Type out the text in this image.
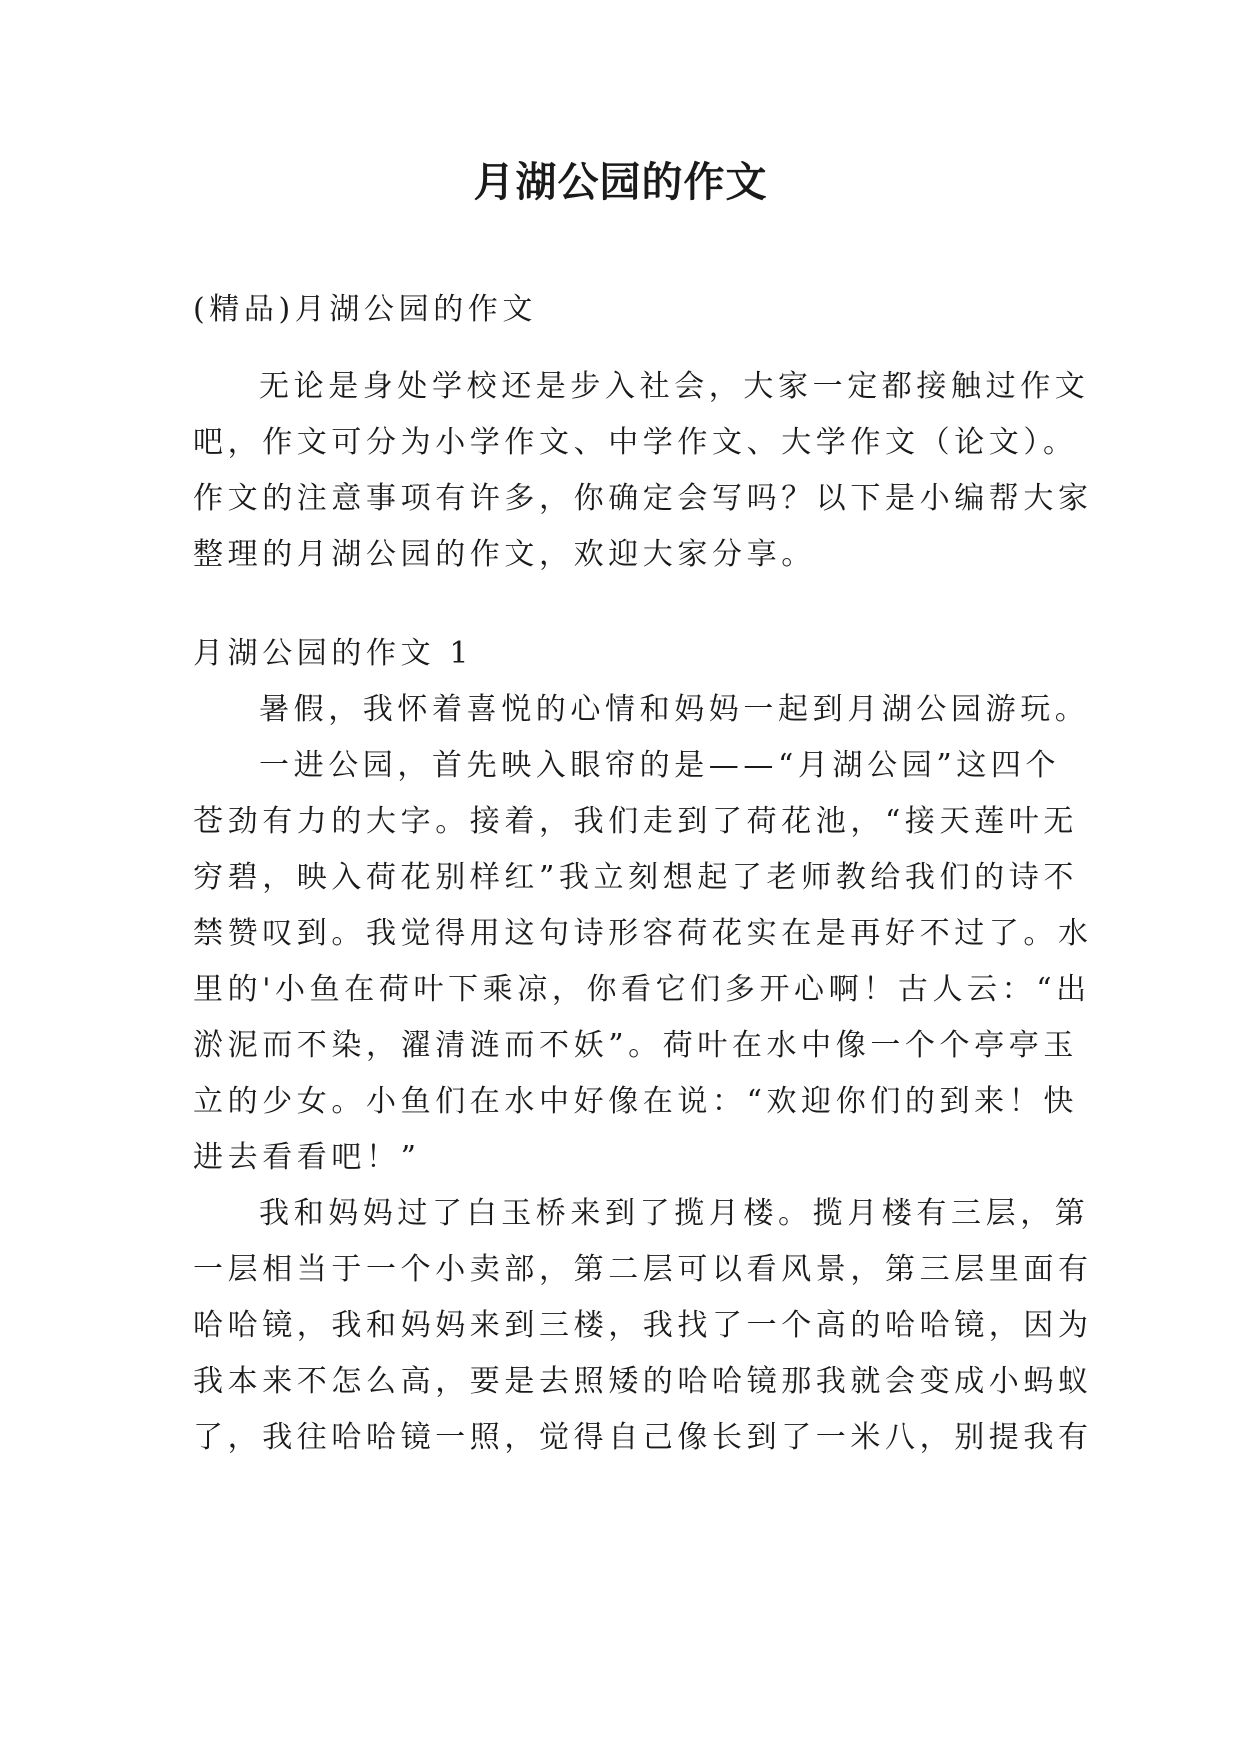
月湖公园的作文
(精品)月湖公园的作文
无论是身处学校还是步入社会，大家一定都接触过作文
吧，作文可分为小学作文、中学作文、大学作文（论文）。
作文的注意事项有许多，你确定会写吗？以下是小编帮大家
整理的月湖公园的作文，欢迎大家分享。
月湖公园的作文 1
暑假，我怀着喜悦的心情和妈妈一起到月湖公园游玩。
一进公园，首先映入眼帘的是——“月湖公园”这四个
苍劲有力的大字。接着，我们走到了荷花池，“接天莲叶无
穷碧，映入荷花别样红”我立刻想起了老师教给我们的诗不
禁赞叹到。我觉得用这句诗形容荷花实在是再好不过了。水
里的'小鱼在荷叶下乘凉，你看它们多开心啊！古人云：“出
淤泥而不染，濯清涟而不妖”。荷叶在水中像一个个亭亭玉
立的少女。小鱼们在水中好像在说：“欢迎你们的到来！快
进去看看吧！”
我和妈妈过了白玉桥来到了揽月楼。揽月楼有三层，第
一层相当于一个小卖部，第二层可以看风景，第三层里面有
哈哈镜，我和妈妈来到三楼，我找了一个高的哈哈镜，因为
我本来不怎么高，要是去照矮的哈哈镜那我就会变成小蚂蚁
了，我往哈哈镜一照，觉得自己像长到了一米八，别提我有
